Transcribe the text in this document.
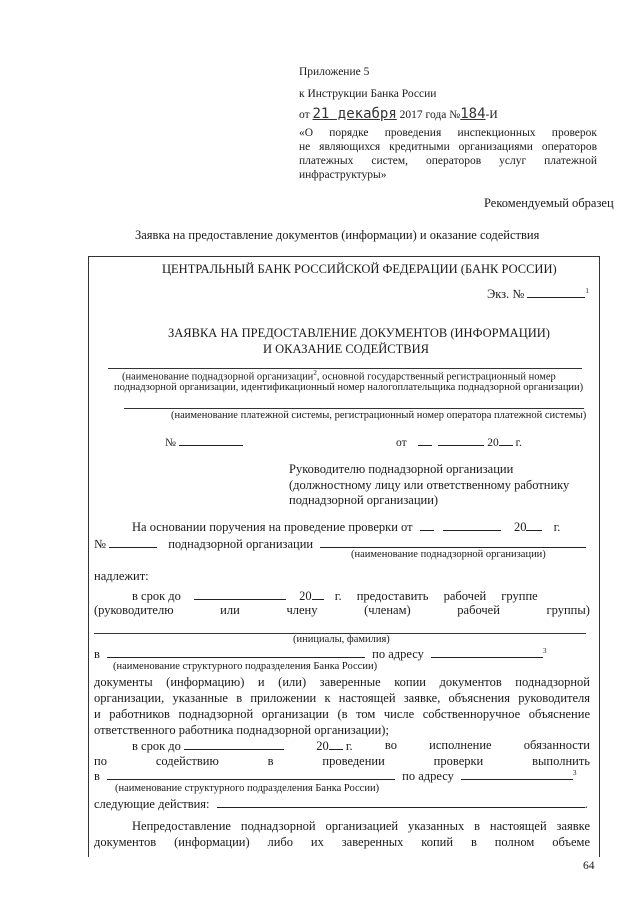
Приложение 5
к Инструкции Банка России
от 21 декабря 2017 года №184-И
«О порядке проведения инспекционных проверок
не являющихся кредитными организациями операторов
платежных систем, операторов услуг платежной
инфраструктуры»
Рекомендуемый образец
Заявка на предоставление документов (информации) и оказание содействия
ЦЕНТРАЛЬНЫЙ БАНК РОССИЙСКОЙ ФЕДЕРАЦИИ (БАНК РОССИИ)
Экз. №	$^1$
ЗАЯВКА НА ПРЕДОСТАВЛЕНИЕ ДОКУМЕНТОВ (ИНФОРМАЦИИ)
И ОКАЗАНИЕ СОДЕЙСТВИЯ
(наименование поднадзорной организации$^2$, основной государственный регистрационный номер
поднадзорной организации, идентификационный номер налогоплательщика поднадзорной организации)
(наименование платежной системы, регистрационный номер оператора платежной системы)
№	от	20 г.
Руководителю поднадзорной организации
(должностному лицу или ответственному работнику
поднадзорной организации)
На основании поручения на проведение проверки от	20 г.
№	поднадзорной организации
(наименование поднадзорной организации)
надлежит:
в срок до	20 г. предоставить рабочей группе
(руководителю	или	члену	(членам)	рабочей	группы)
(инициалы, фамилия)
в	по адресу	$^3$
(наименование структурного подразделения Банка России)
документы (информацию) и (или) заверенные копии документов поднадзорной
организации, указанные в приложении к настоящей заявке, объяснения руководителя
и работников поднадзорной организации (в том числе собственноручное объяснение
ответственного работника поднадзорной организации);
в срок до	20 г.	во	исполнение	обязанности
по	содействию	в	проведении	проверки	выполнить
в	по адресу	$^3$
(наименование структурного подразделения Банка России)
следующие действия:	.
Непредоставление поднадзорной организацией указанных в настоящей заявке
документов (информации) либо их заверенных копий в полном объеме
64
